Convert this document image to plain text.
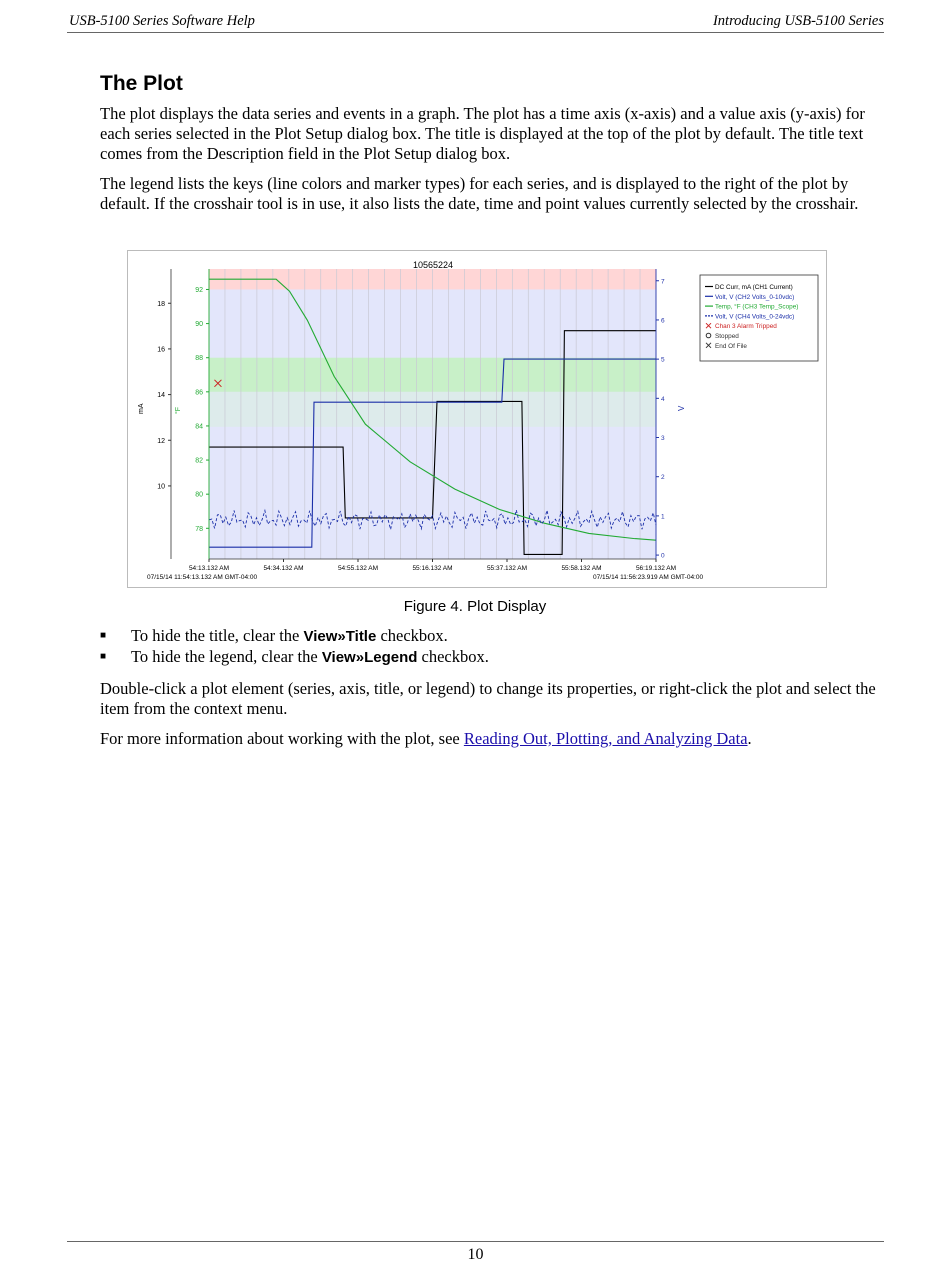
USB-5100 Series Software Help	Introducing USB-5100 Series
The Plot

The plot displays the data series and events in a graph. The plot has a time axis (x-axis) and a value axis (y-axis) for each series selected in the Plot Setup dialog box. The title is displayed at the top of the plot by default. The title text comes from the Description field in the Plot Setup dialog box.

The legend lists the keys (line colors and marker types) for each series, and is displayed to the right of the plot by default. If the crosshair tool is in use, it also lists the date, time and point values currently selected by the crosshair.

10
12
14
16
18
mA
78
80
82
84
86
88
90
92
°F
0
1
2
3
4
5
6
7
V
54:13.132 AM	54:34.132 AM	54:55.132 AM	55:16.132 AM	55:37.132 AM	55:58.132 AM	56:19.132 AM
07/15/14 11:54:13.132 AM GMT-04:00	07/15/14 11:56:23.919 AM GMT-04:00
10565224
DC Curr, mA (CH1 Current)
Volt, V (CH2 Volts_0-10vdc)
Temp, °F (CH3 Temp_Scope)
Volt, V (CH4 Volts_0-24vdc)
Chan 3 Alarm Tripped
Stopped
End Of File
Figure 4. Plot Display
■ To hide the title, clear the View»Title checkbox.
■ To hide the legend, clear the View»Legend checkbox.

Double-click a plot element (series, axis, title, or legend) to change its properties, or right-click the plot and select the item from the context menu.

For more information about working with the plot, see Reading Out, Plotting, and Analyzing Data.

10
